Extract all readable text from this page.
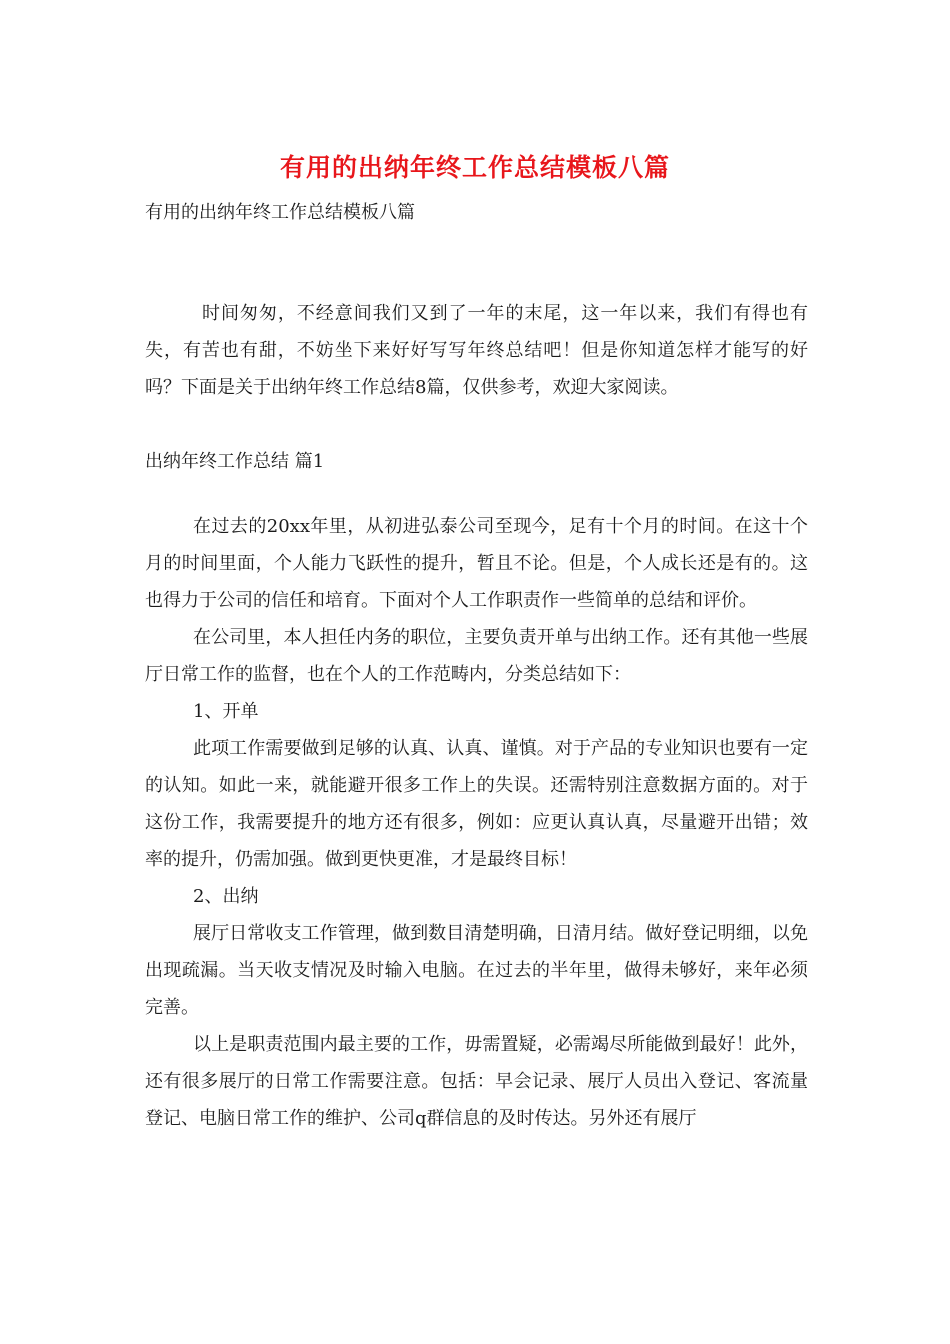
有用的出纳年终工作总结模板八篇
有用的出纳年终工作总结模板八篇
时间匆匆，不经意间我们又到了一年的末尾，这一年以来，我们有得也有失，有苦也有甜，不妨坐下来好好写写年终总结吧！但是你知道怎样才能写的好吗？下面是关于出纳年终工作总结8篇，仅供参考，欢迎大家阅读。
出纳年终工作总结 篇1

在过去的20xx年里，从初进弘泰公司至现今，足有十个月的时间。在这十个月的时间里面，个人能力飞跃性的提升，暂且不论。但是，个人成长还是有的。这也得力于公司的信任和培育。下面对个人工作职责作一些简单的总结和评价。

在公司里，本人担任内务的职位，主要负责开单与出纳工作。还有其他一些展厅日常工作的监督，也在个人的工作范畴内，分类总结如下：

1、开单

此项工作需要做到足够的认真、认真、谨慎。对于产品的专业知识也要有一定的认知。如此一来，就能避开很多工作上的失误。还需特别注意数据方面的。对于这份工作，我需要提升的地方还有很多，例如：应更认真认真，尽量避开出错；效率的提升，仍需加强。做到更快更准，才是最终目标！

2、出纳

展厅日常收支工作管理，做到数目清楚明确，日清月结。做好登记明细，以免出现疏漏。当天收支情况及时输入电脑。在过去的半年里，做得未够好，来年必须完善。

以上是职责范围内最主要的工作，毋需置疑，必需竭尽所能做到最好！此外，还有很多展厅的日常工作需要注意。包括：早会记录、展厅人员出入登记、客流量登记、电脑日常工作的维护、公司q群信息的及时传达。另外还有展厅
